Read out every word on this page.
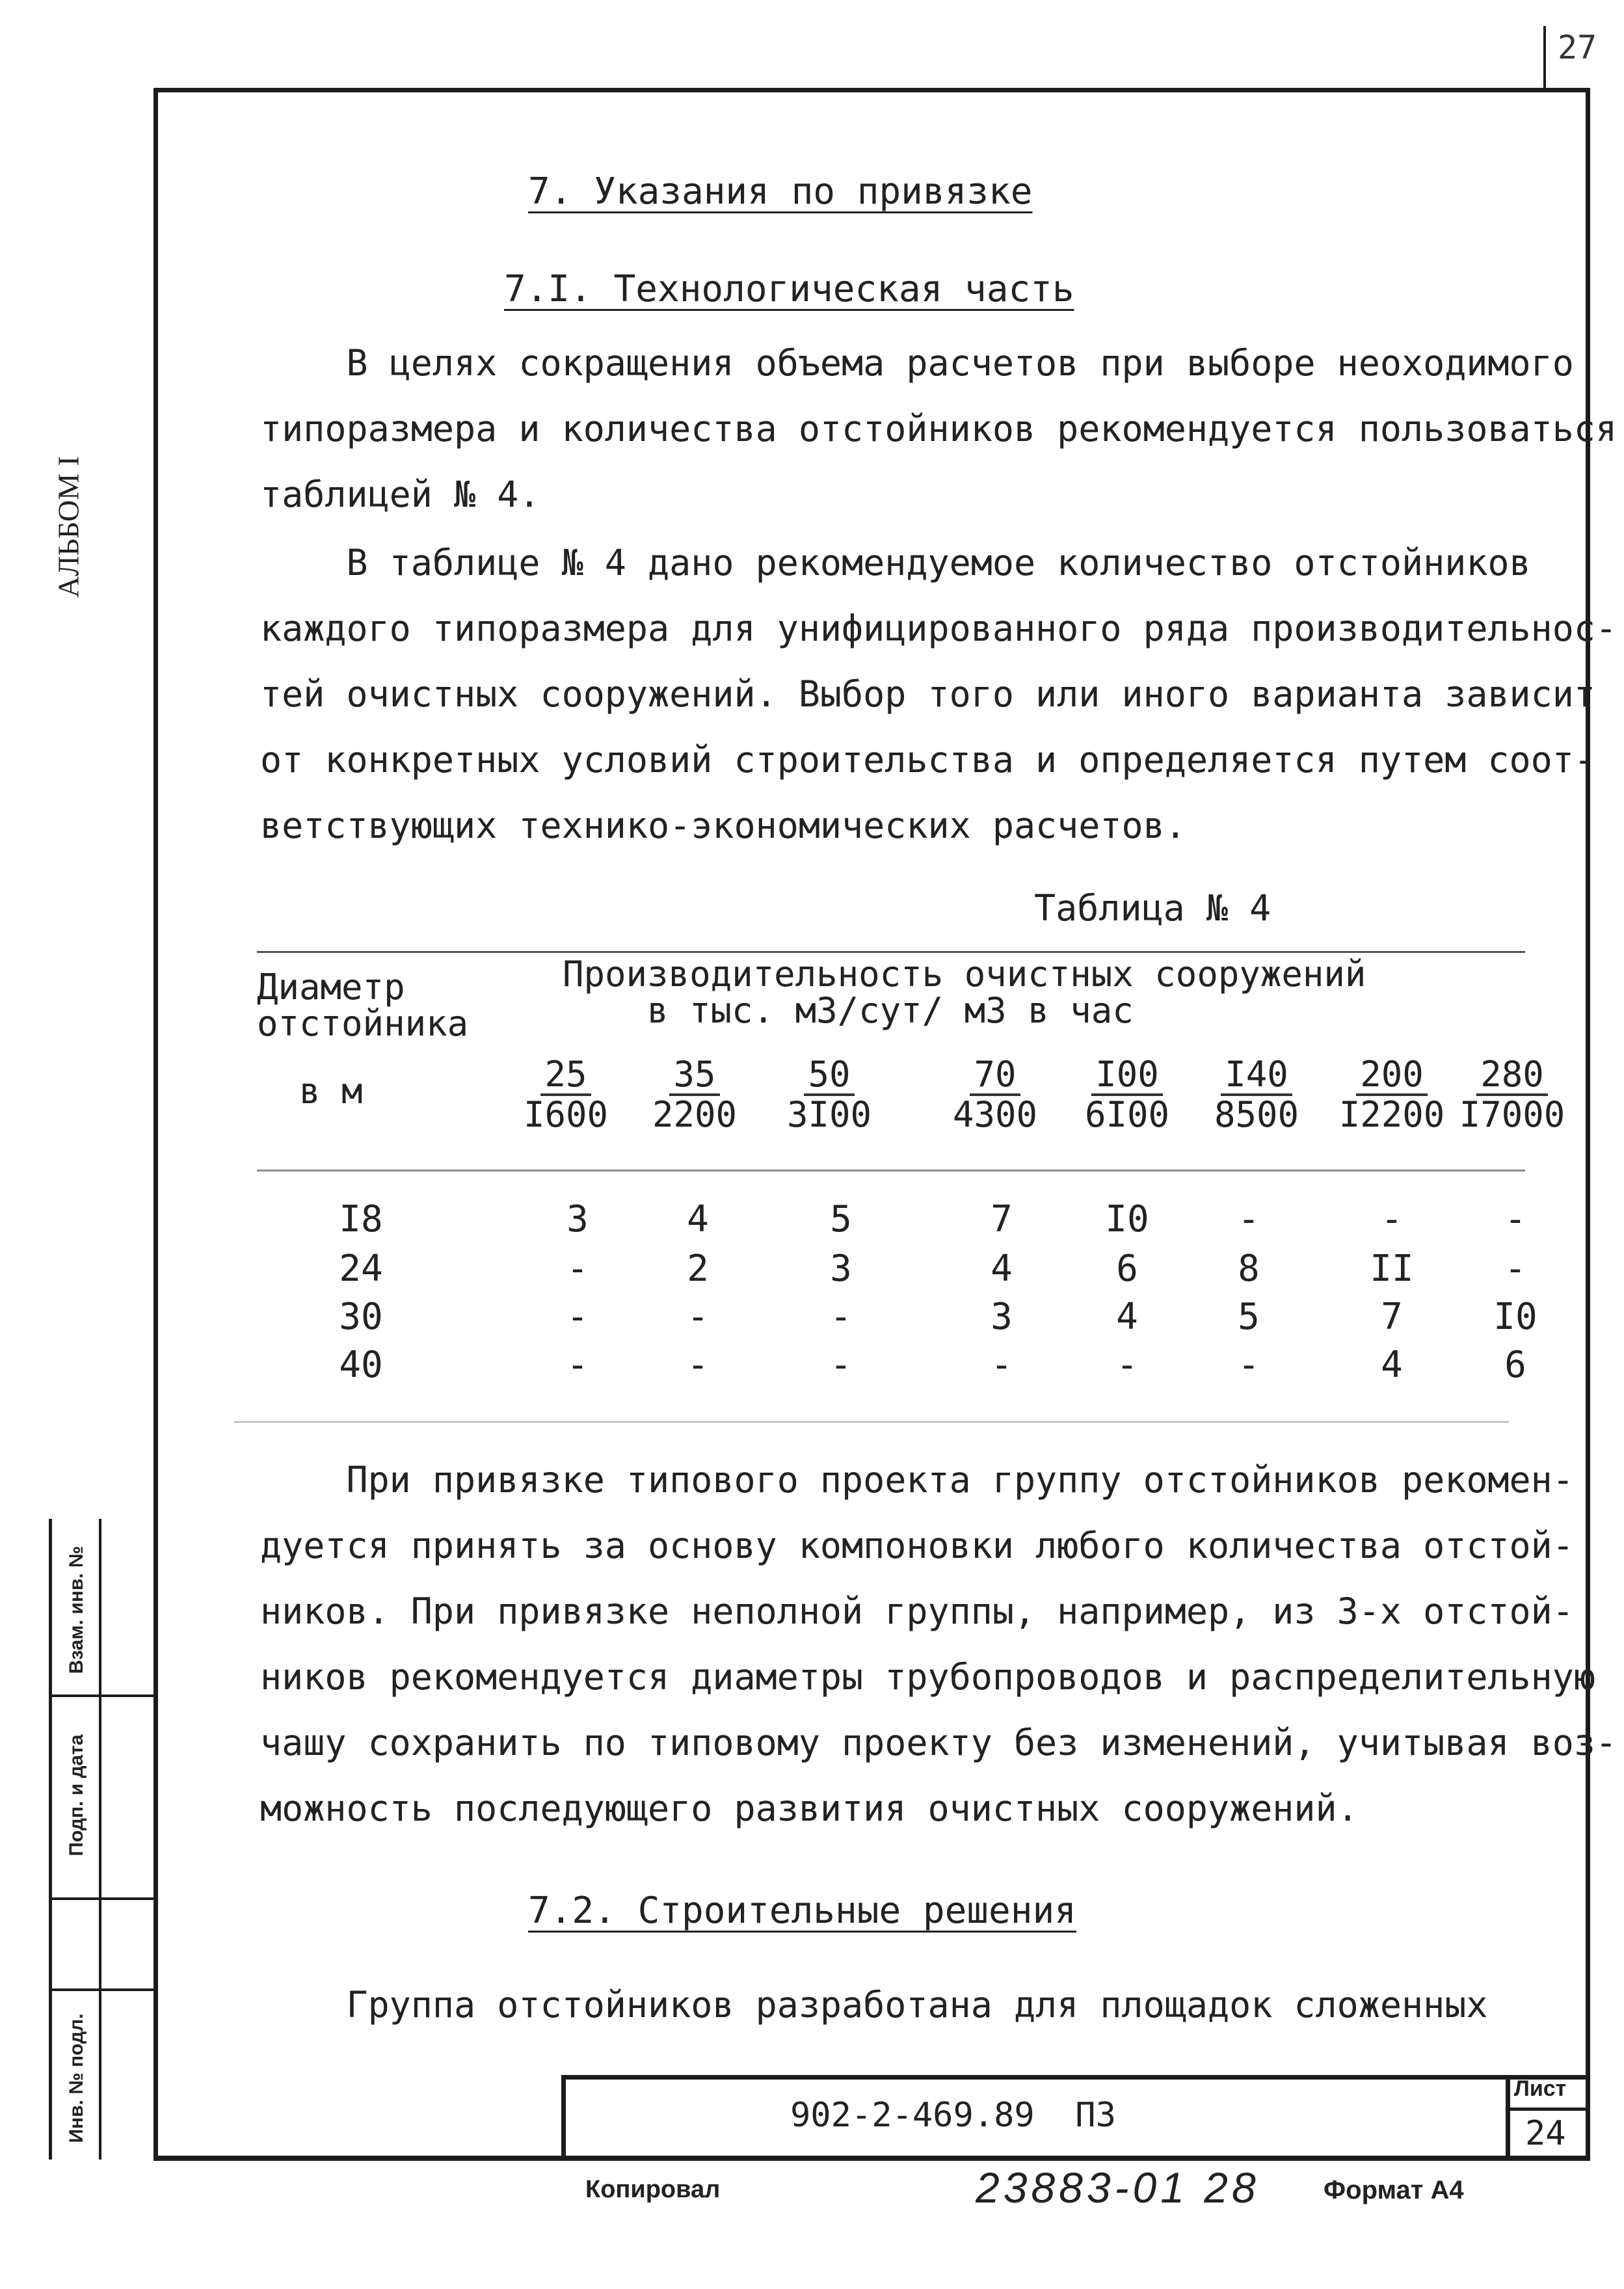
27
АЛЬБОМ I
7. Указания по привязке
7.I. Технологическая часть
В целях сокращения объема расчетов при выборе неоходимого
типоразмера и количества отстойников рекомендуется пользоваться
таблицей № 4.
В таблице № 4 дано рекомендуемое количество отстойников
каждого типоразмера для унифицированного ряда производительнос-
тей очистных сооружений. Выбор того или иного варианта зависит
от конкретных условий строительства и определяется путем соот-
ветствующих технико-экономических расчетов.
Таблица № 4
Диаметр
отстойника
в м
Производительность очистных сооружений
в тыс. м3/сут/ м3 в час
$\frac{25}{I600} \frac{35}{2200} \frac{50}{3I00} \frac{70}{4300} \frac{I00}{6I00} \frac{I40}{8500} \frac{200}{I2200} \frac{280}{I7000}$
I8	3	4	5	7	I0	-	-	-
24	-	2	3	4	6	8	II	-
30	-	-	-	3	4	5	7	I0
40	-	-	-	-	-	-	4	6
При привязке типового проекта группу отстойников рекомен-
дуется принять за основу компоновки любого количества отстой-
ников. При привязке неполной группы, например, из 3-х отстой-
ников рекомендуется диаметры трубопроводов и распределительную
чашу сохранить по типовому проекту без изменений, учитывая воз-
можность последующего развития очистных сооружений.
7.2. Строительные решения
Группа отстойников разработана для площадок сложенных
Взам. инв. №
Подп. и дата
Инв. № подл.	902-2-469.89  ПЗ
Лист
24
Копировал	23883-01 28 Формат А4
